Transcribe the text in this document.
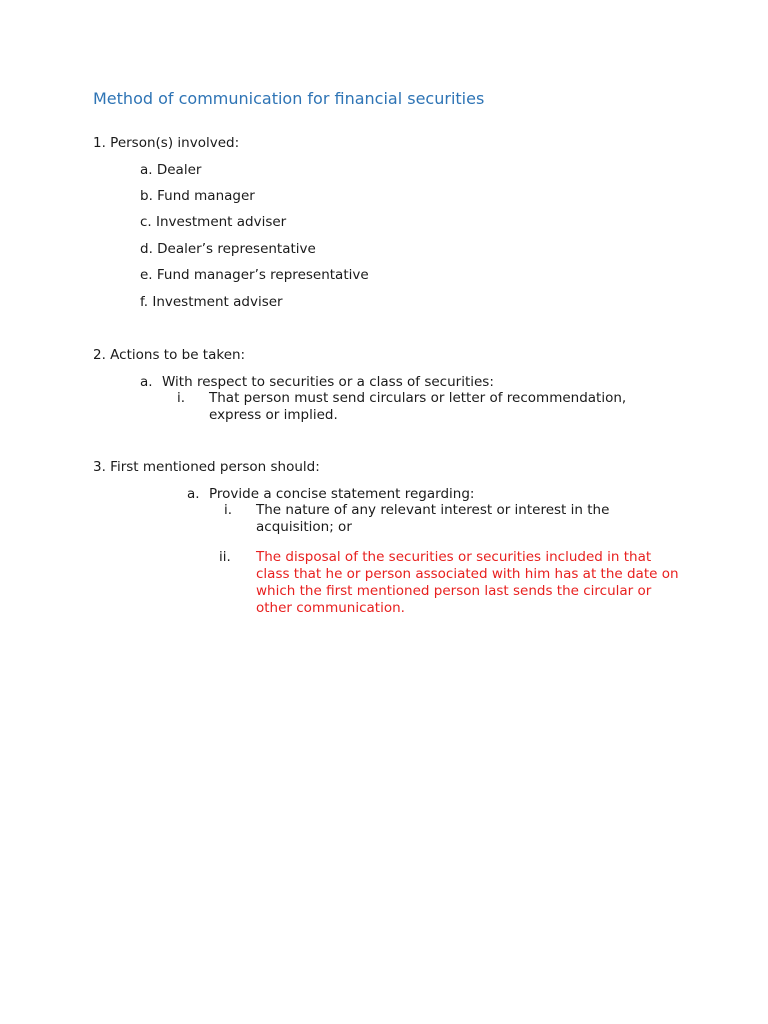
Method of communication for financial securities
1. Person(s) involved:
a. Dealer
b. Fund manager
c. Investment adviser
d. Dealer’s representative
e. Fund manager’s representative
f. Investment adviser
2. Actions to be taken:
a. With respect to securities or a class of securities:
i. That person must send circulars or letter of recommendation, express or implied.
3. First mentioned person should:
a. Provide a concise statement regarding:
i. The nature of any relevant interest or interest in the acquisition; or
ii. The disposal of the securities or securities included in that class that he or person associated with him has at the date on which the first mentioned person last sends the circular or other communication.
